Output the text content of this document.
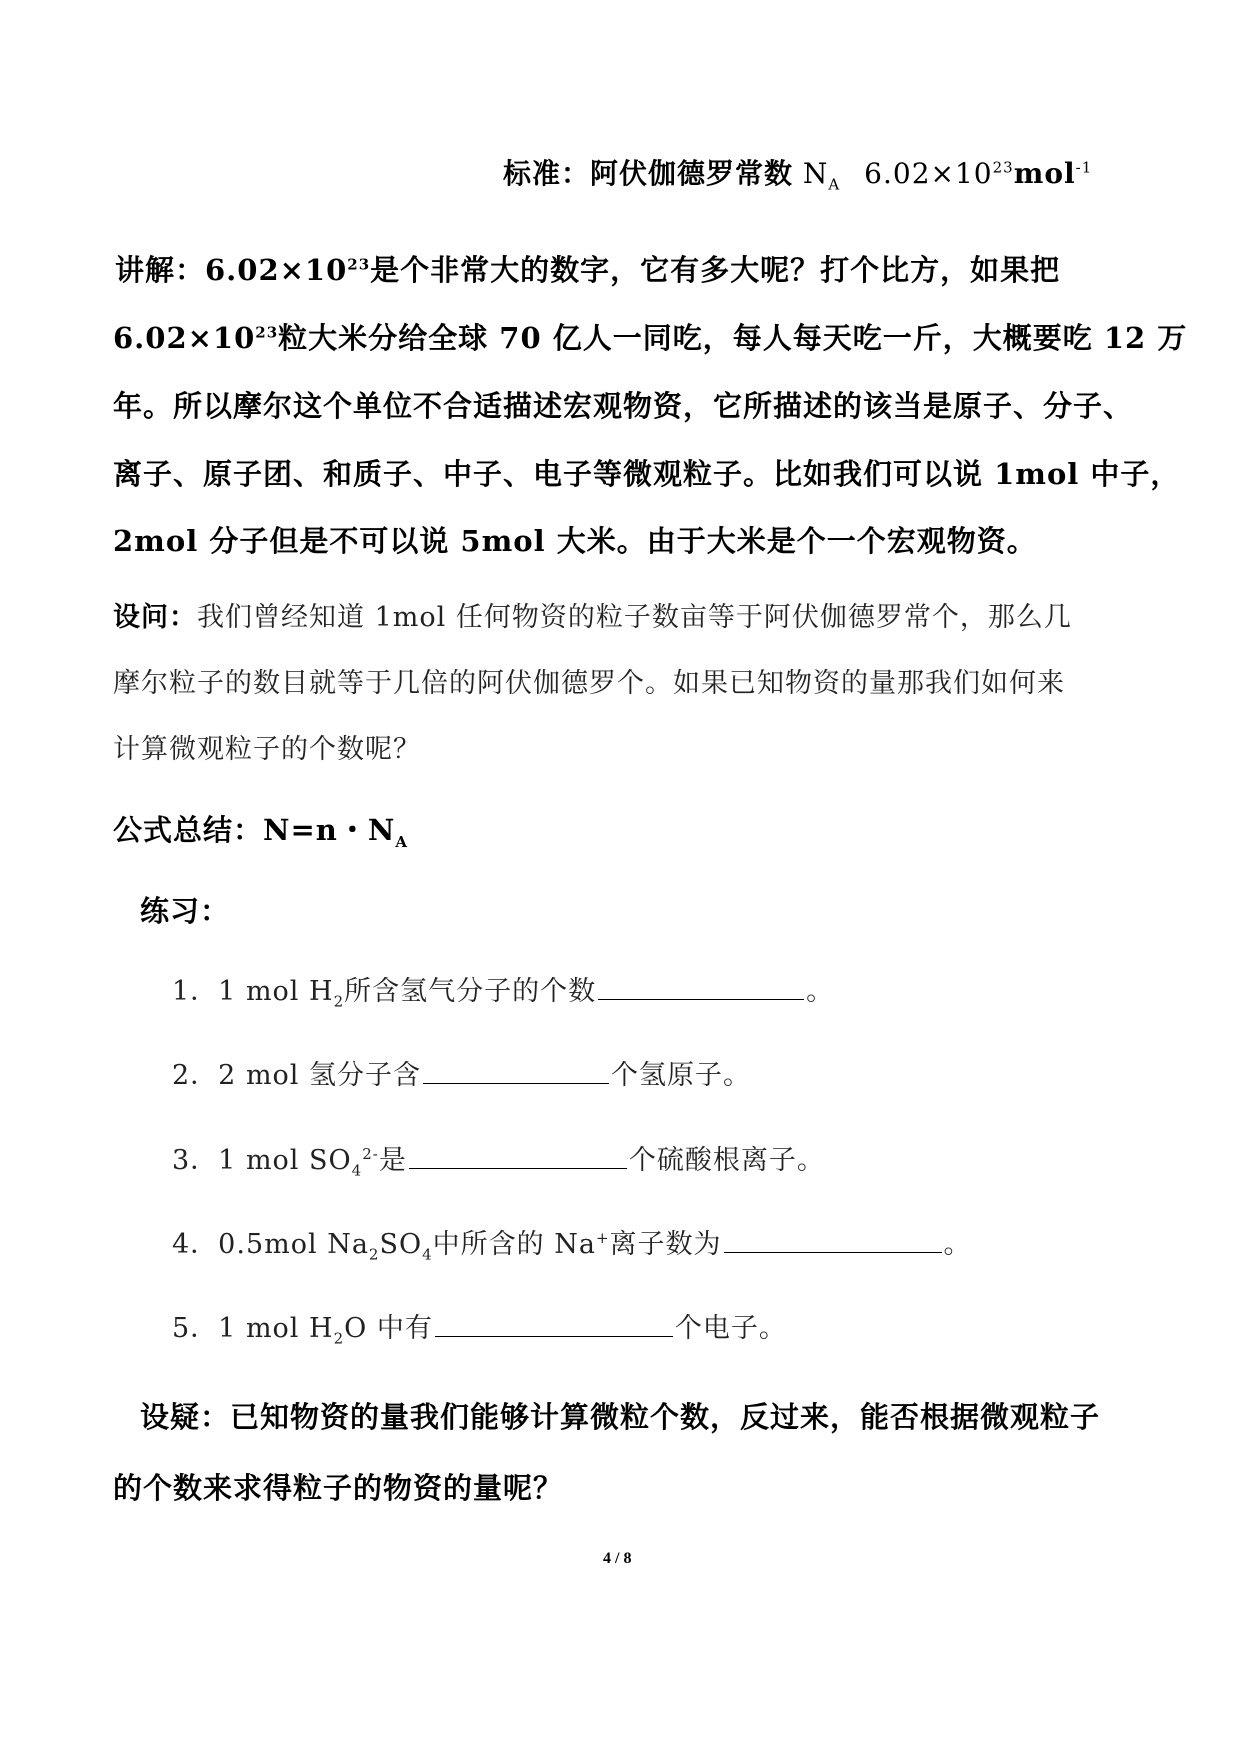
标准：阿伏伽德罗常数 $N_A$ $6.02\times 10^{23}mol^{-1}$
讲解：$6.02\times 10^{23}$是个非常大的数字，它有多大呢？打个比方，如果把
$6.02\times 10^{23}$粒大米分给全球 70 亿人一同吃，每人每天吃一斤，大概要吃 12 万
年。所以摩尔这个单位不合适描述宏观物资，它所描述的该当是原子、分子、
离子、原子团、和质子、中子、电子等微观粒子。比如我们可以说 1mol 中子，
2mol 分子但是不可以说 5mol 大米。由于大米是个一个宏观物资。
设问：我们曾经知道 1mol 任何物资的粒子数亩等于阿伏伽德罗常个，那么几
摩尔粒子的数目就等于几倍的阿伏伽德罗个。如果已知物资的量那我们如何来
计算微观粒子的个数呢？
公式总结：N=n・$N_A$
练习：
1．1 mol $H_2$所含氢气分子的个数	。
2．2 mol 氢分子含	个氢原子。
3．1 mol $SO_4^{2-}$是	个硫酸根离子。
4．0.5mol $Na_2SO_4$中所含的 Na+离子数为	。
5．1 mol $H_2O$ 中有	个电子。
设疑：已知物资的量我们能够计算微粒个数，反过来，能否根据微观粒子
的个数来求得粒子的物资的量呢？
4 / 8
